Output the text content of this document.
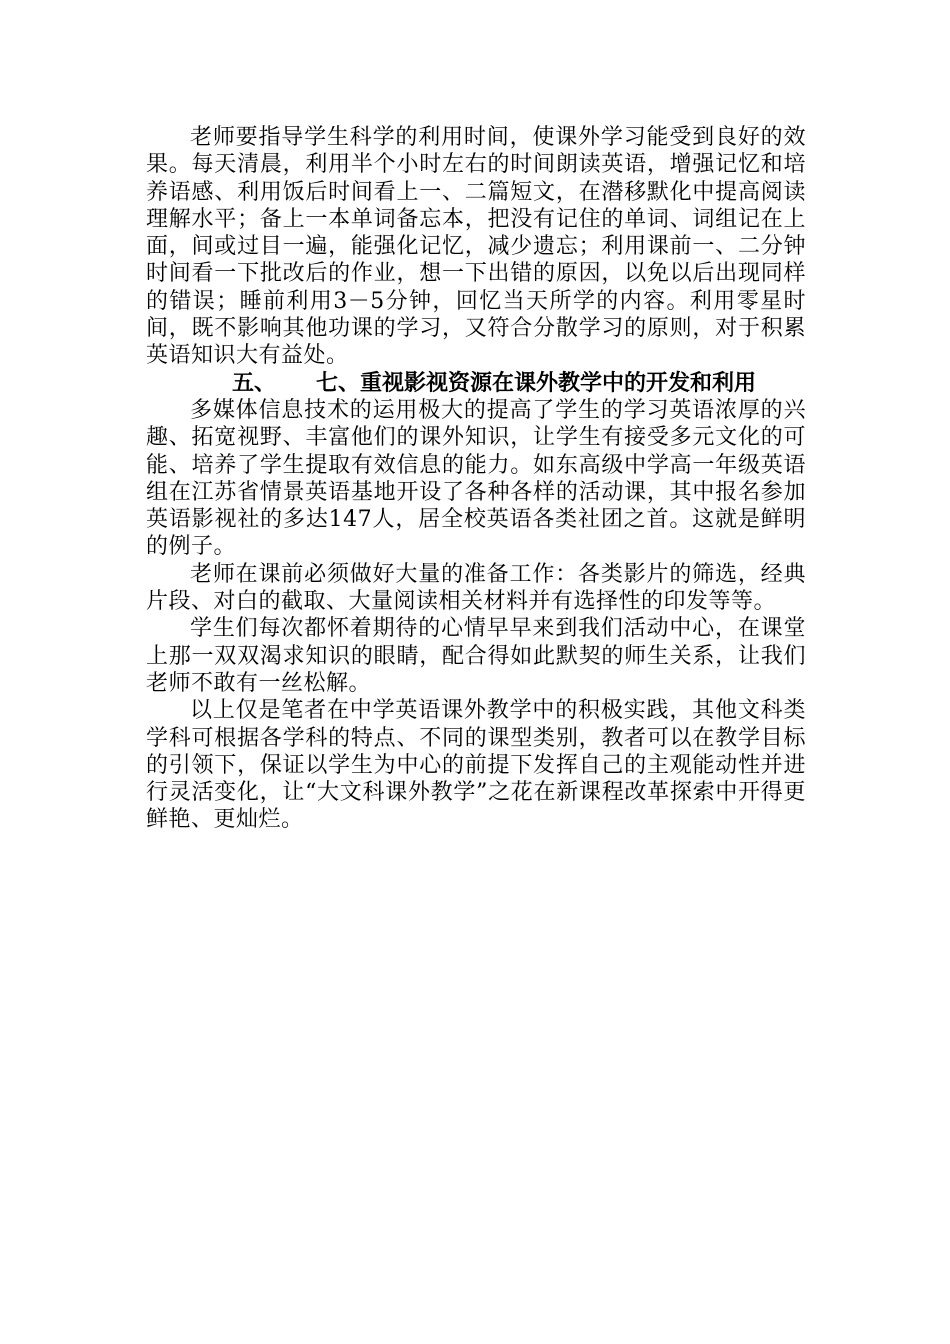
老师要指导学生科学的利用时间，使课外学习能受到良好的效果。每天清晨，利用半个小时左右的时间朗读英语，增强记忆和培养语感、利用饭后时间看上一、二篇短文，在潜移默化中提高阅读理解水平；备上一本单词备忘本，把没有记住的单词、词组记在上面，间或过目一遍，能强化记忆，减少遗忘；利用课前一、二分钟时间看一下批改后的作业，想一下出错的原因，以免以后出现同样的错误；睡前利用3－5分钟，回忆当天所学的内容。利用零星时间，既不影响其他功课的学习，又符合分散学习的原则，对于积累英语知识大有益处。

五、 七、重视影视资源在课外教学中的开发和利用

多媒体信息技术的运用极大的提高了学生的学习英语浓厚的兴趣、拓宽视野、丰富他们的课外知识，让学生有接受多元文化的可能、培养了学生提取有效信息的能力。如东高级中学高一年级英语组在江苏省情景英语基地开设了各种各样的活动课，其中报名参加英语影视社的多达147人，居全校英语各类社团之首。这就是鲜明的例子。

老师在课前必须做好大量的准备工作：各类影片的筛选，经典片段、对白的截取、大量阅读相关材料并有选择性的印发等等。

学生们每次都怀着期待的心情早早来到我们活动中心，在课堂上那一双双渴求知识的眼睛，配合得如此默契的师生关系，让我们老师不敢有一丝松解。

以上仅是笔者在中学英语课外教学中的积极实践，其他文科类学科可根据各学科的特点、不同的课型类别，教者可以在教学目标的引领下，保证以学生为中心的前提下发挥自己的主观能动性并进行灵活变化，让“大文科课外教学”之花在新课程改革探索中开得更鲜艳、更灿烂。
